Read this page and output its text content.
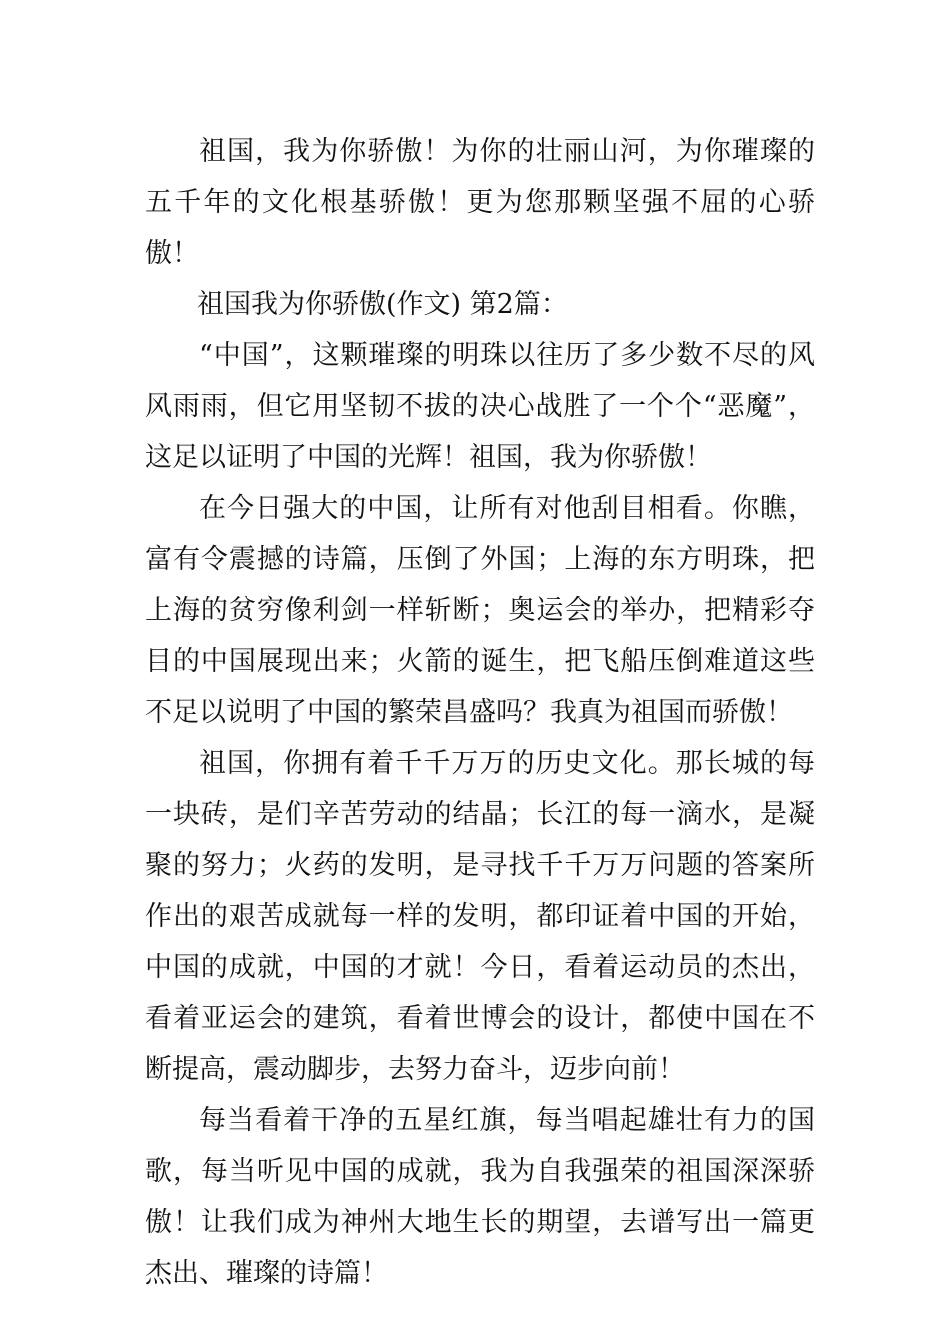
祖国，我为你骄傲！为你的壮丽山河，为你璀璨的五千年的文化根基骄傲！更为您那颗坚强不屈的心骄傲！

祖国我为你骄傲(作文) 第2篇：

“中国”，这颗璀璨的明珠以往历了多少数不尽的风风雨雨，但它用坚韧不拔的决心战胜了一个个“恶魔”，这足以证明了中国的光辉！祖国，我为你骄傲！

在今日强大的中国，让所有对他刮目相看。你瞧，富有令震撼的诗篇，压倒了外国；上海的东方明珠，把上海的贫穷像利剑一样斩断；奥运会的举办，把精彩夺目的中国展现出来；火箭的诞生，把飞船压倒难道这些不足以说明了中国的繁荣昌盛吗？我真为祖国而骄傲！

祖国，你拥有着千千万万的历史文化。那长城的每一块砖，是们辛苦劳动的结晶；长江的每一滴水，是凝聚的努力；火药的发明，是寻找千千万万问题的答案所作出的艰苦成就每一样的发明，都印证着中国的开始，中国的成就，中国的才就！今日，看着运动员的杰出，看着亚运会的建筑，看着世博会的设计，都使中国在不断提高，震动脚步，去努力奋斗，迈步向前！

每当看着干净的五星红旗，每当唱起雄壮有力的国歌，每当听见中国的成就，我为自我强荣的祖国深深骄傲！让我们成为神州大地生长的期望，去谱写出一篇更杰出、璀璨的诗篇！
